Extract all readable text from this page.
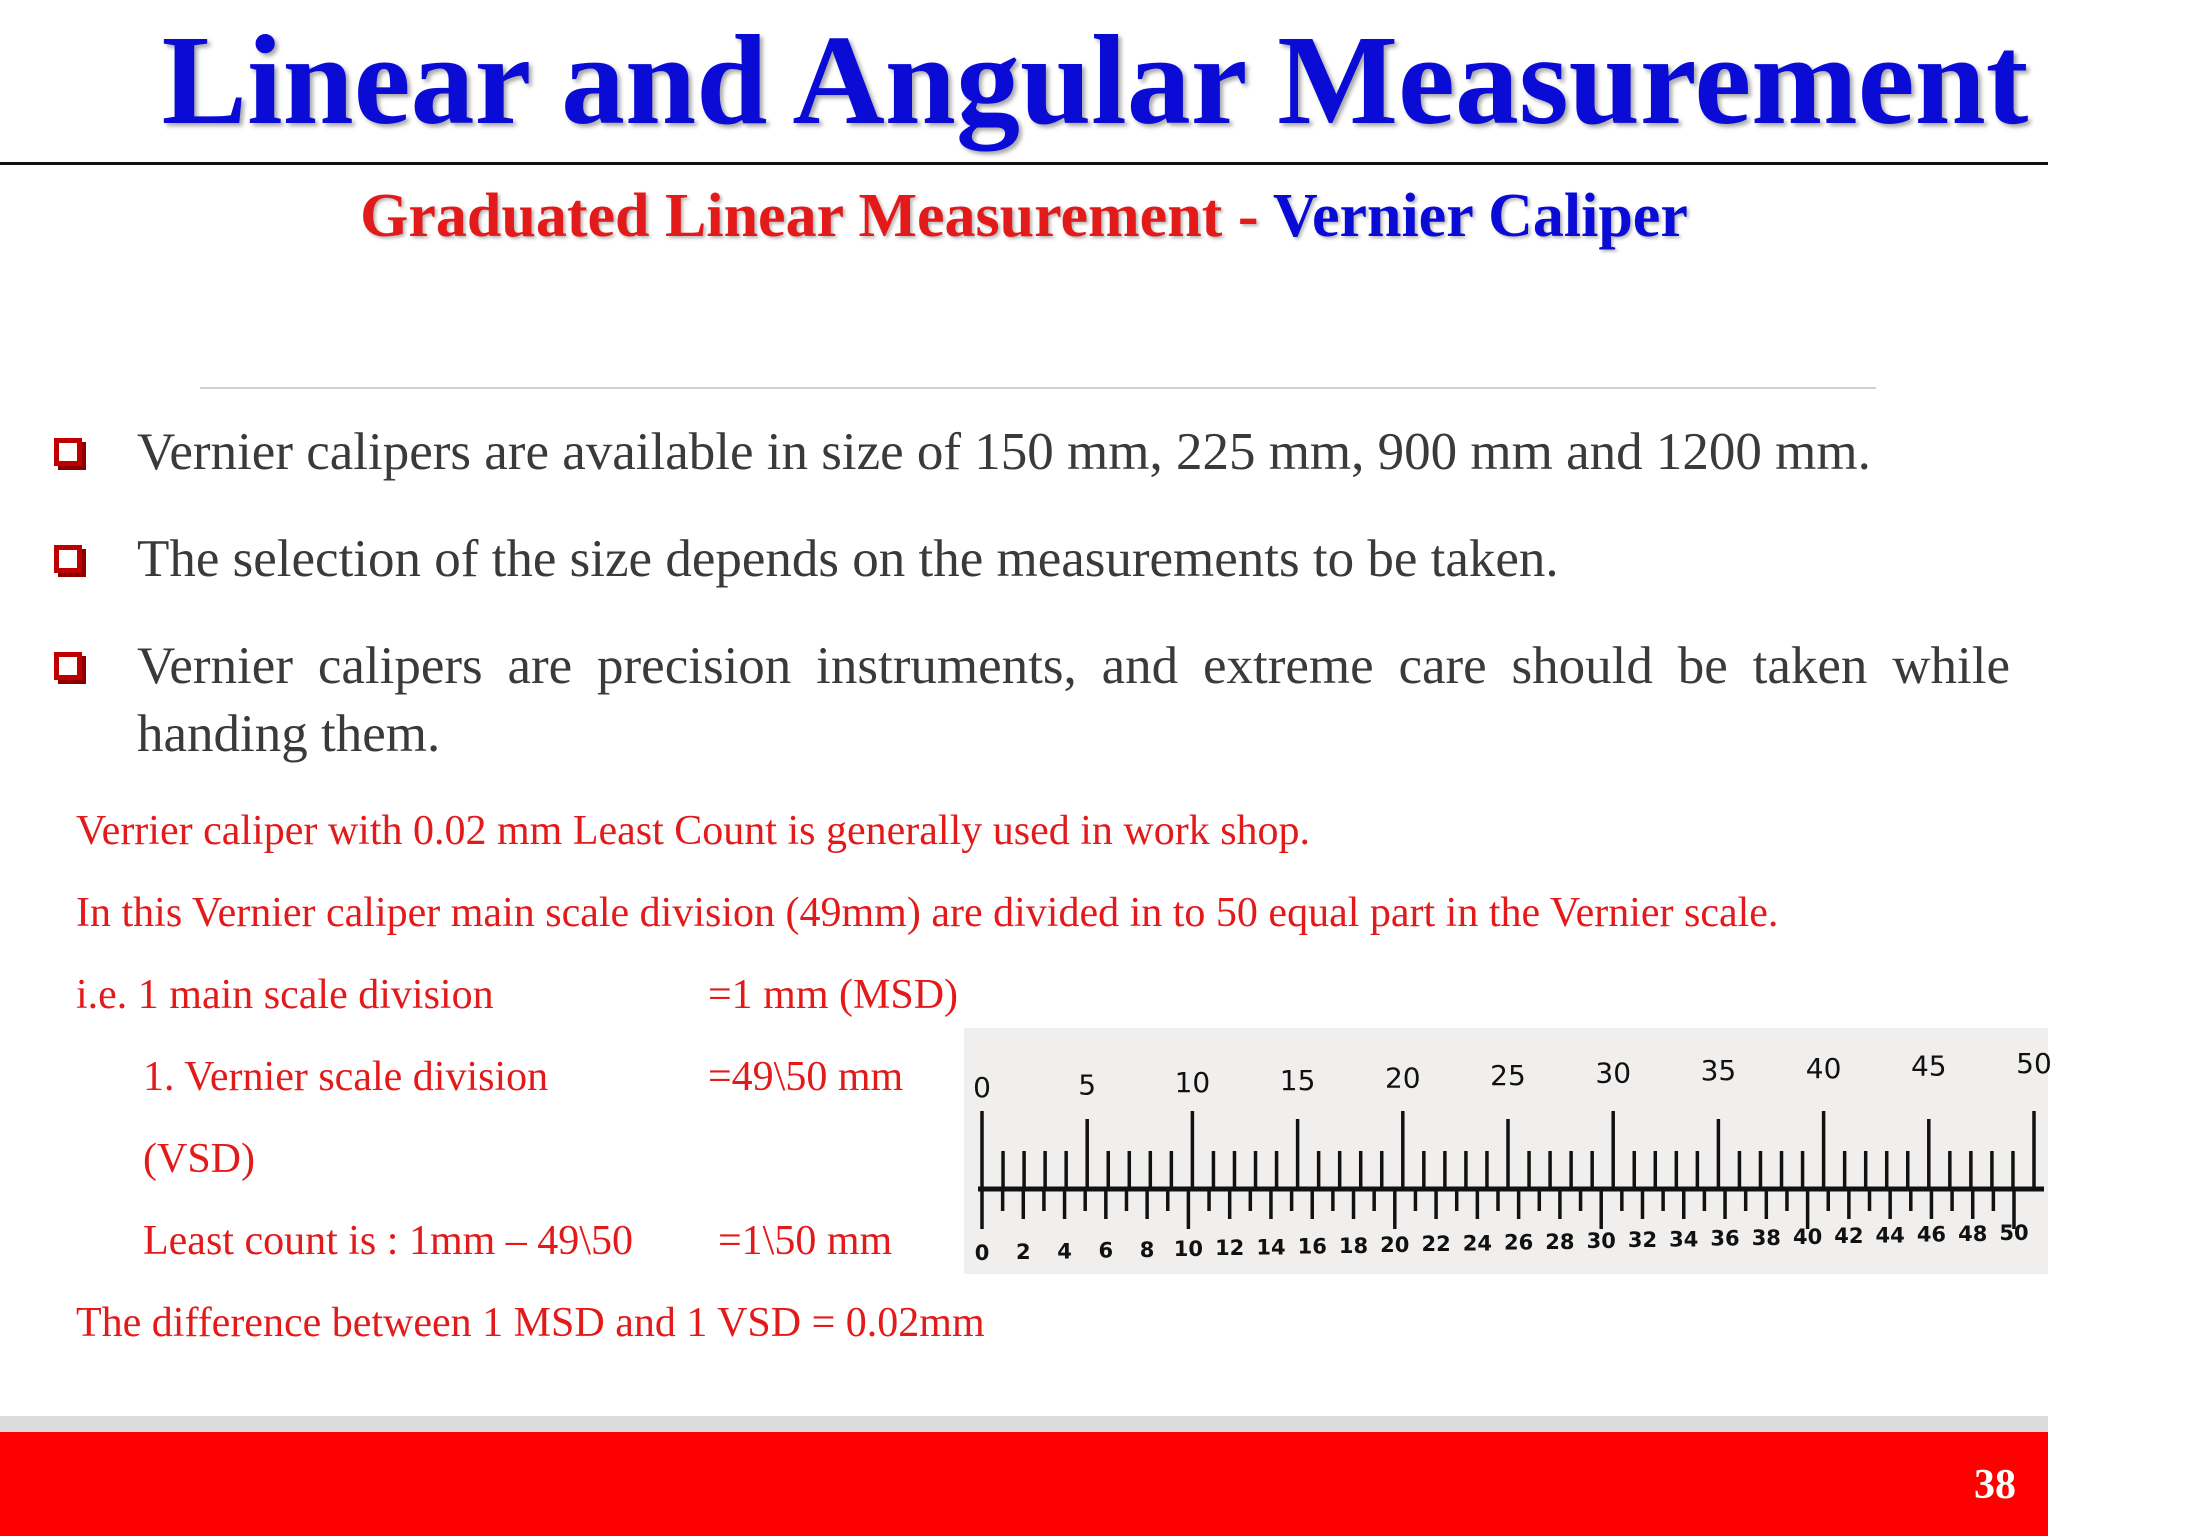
Linear and Angular Measurement
Graduated Linear Measurement - Vernier Caliper
Vernier calipers are available in size of 150 mm, 225 mm, 900 mm and 1200 mm.
The selection of the size depends on the measurements to be taken.
Vernier calipers are precision instruments, and extreme care should be taken while handing them.
Verrier caliper with 0.02 mm Least Count is generally used in work shop.
In this Vernier caliper main scale division (49mm) are divided in to 50 equal part in the Vernier scale.
i.e. 1 main scale division	=1 mm (MSD)
1. Vernier scale division	=49\50 mm
(VSD)
Least count is : 1mm – 49\50 =1\50 mm
The difference between 1 MSD and 1 VSD = 0.02mm
0	5	10 15 20 25 30 35 40 45 50
0 2 4 6 8 10 12 14 16 18 20 22 24 26 28 30 32 34 36 38 40 42 44 46 48 50
38
